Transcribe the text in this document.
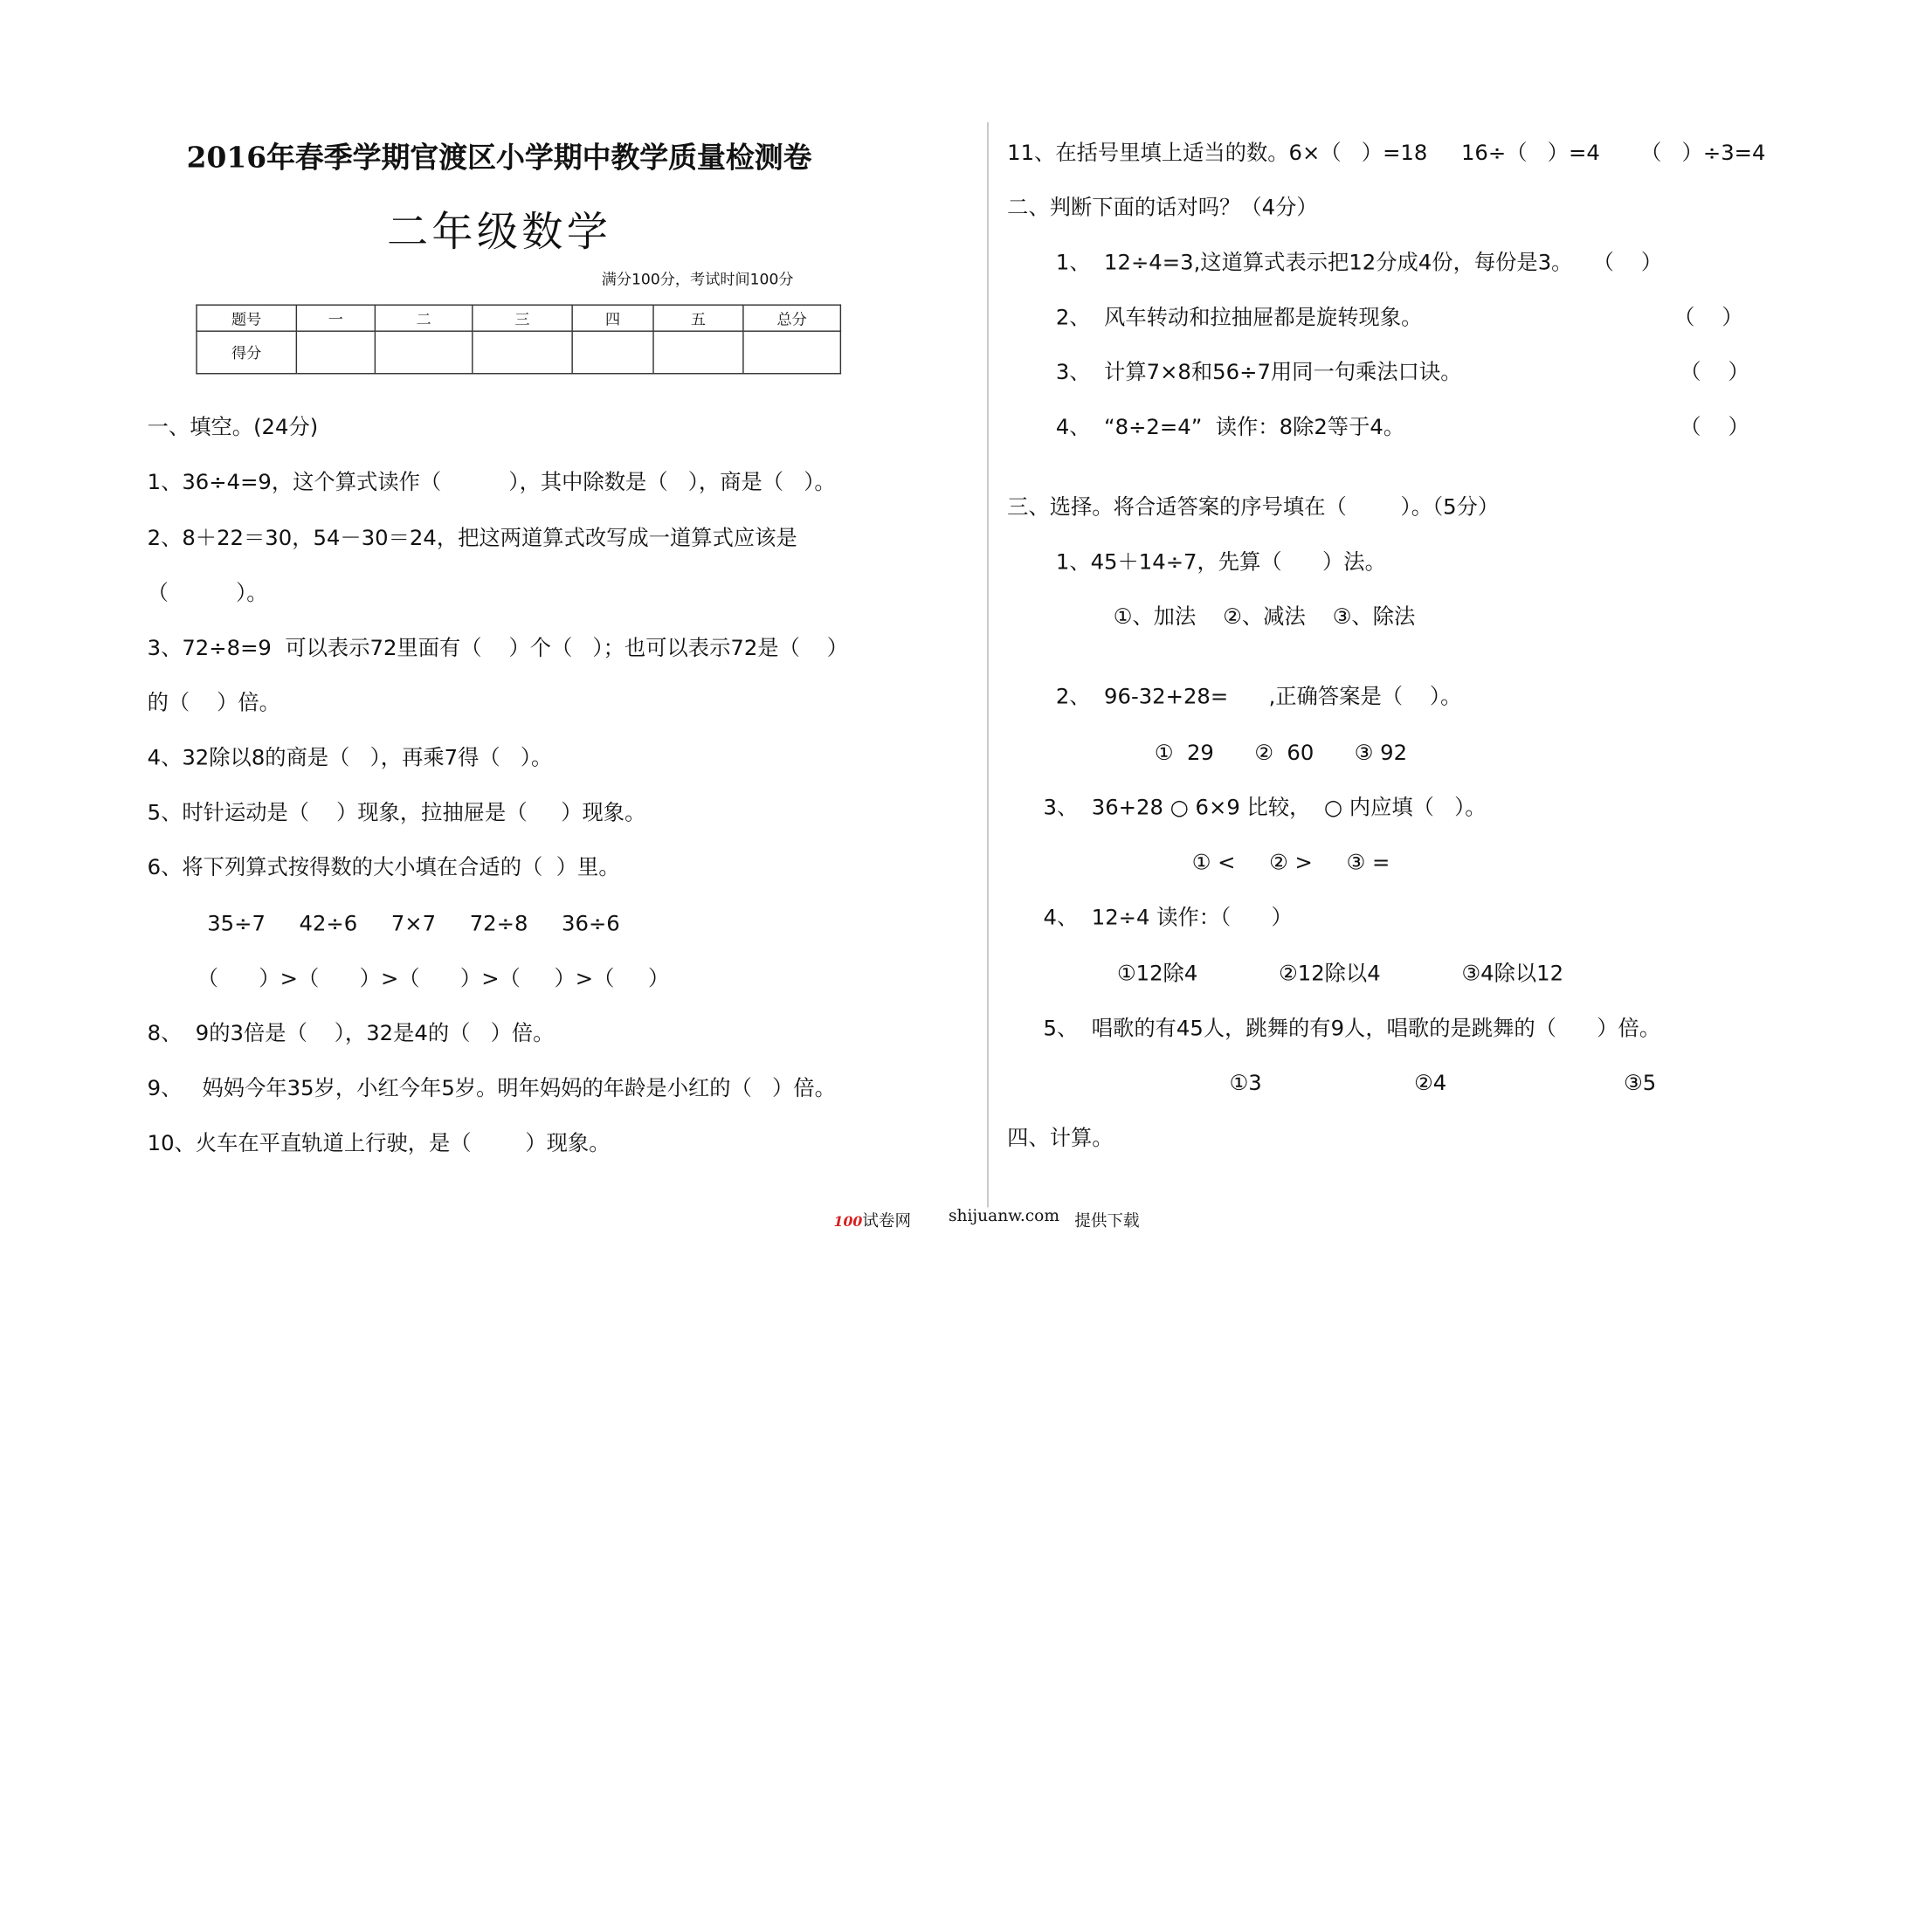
2016年春季学期官渡区小学期中教学质量检测卷
二年级数学
满分100分，考试时间100分
题号	一	二	三	四	五	总分
得分						
一、填空。(24分)
1、36÷4=9，这个算式读作（          ），其中除数是（   ），商是（   ）。
2、8＋22＝30，54－30＝24，把这两道算式改写成一道算式应该是
（          ）。
3、72÷8=9  可以表示72里面有（    ）个（   ）；也可以表示72是（    ）
的（    ）倍。
4、32除以8的商是（   ），再乘7得（   ）。
5、时针运动是（    ）现象，拉抽屉是（     ）现象。
6、将下列算式按得数的大小填在合适的（  ）里。
35÷7     42÷6     7×7     72÷8     36÷6
（      ）>（      ）>（      ）>（     ）>（     ）
8、  9的3倍是（    ），32是4的（   ）倍。
9、   妈妈今年35岁，小红今年5岁。明年妈妈的年龄是小红的（   ）倍。
10、火车在平直轨道上行驶，是（        ）现象。
11、在括号里填上适当的数。6×（   ）=18     16÷（   ）=4      （   ）÷3=4
二、判断下面的话对吗？（4分）
1、  12÷4=3,这道算式表示把12分成4份，每份是3。   （    ）
2、  风车转动和拉抽屉都是旋转现象。	（    ）
3、  计算7×8和56÷7用同一句乘法口诀。	（    ）
4、  “8÷2=4”  读作：8除2等于4。	（    ）
三、选择。将合适答案的序号填在（        ）。（5分）
1、45＋14÷7，先算（      ）法。
①、加法    ②、减法    ③、除法
2、  96-32+28=      ,正确答案是（    ）。
①  29      ②  60      ③ 92
3、  36+28 ○ 6×9 比较，  ○ 内应填（   ）。
① <     ② >     ③ =
4、  12÷4 读作：（      ）
①12除4            ②12除以4            ③4除以12
5、  唱歌的有45人，跳舞的有9人，唱歌的是跳舞的（      ）倍。
①3	②4	③5
四、计算。
100试卷网	shijuanw.com 提供下载
